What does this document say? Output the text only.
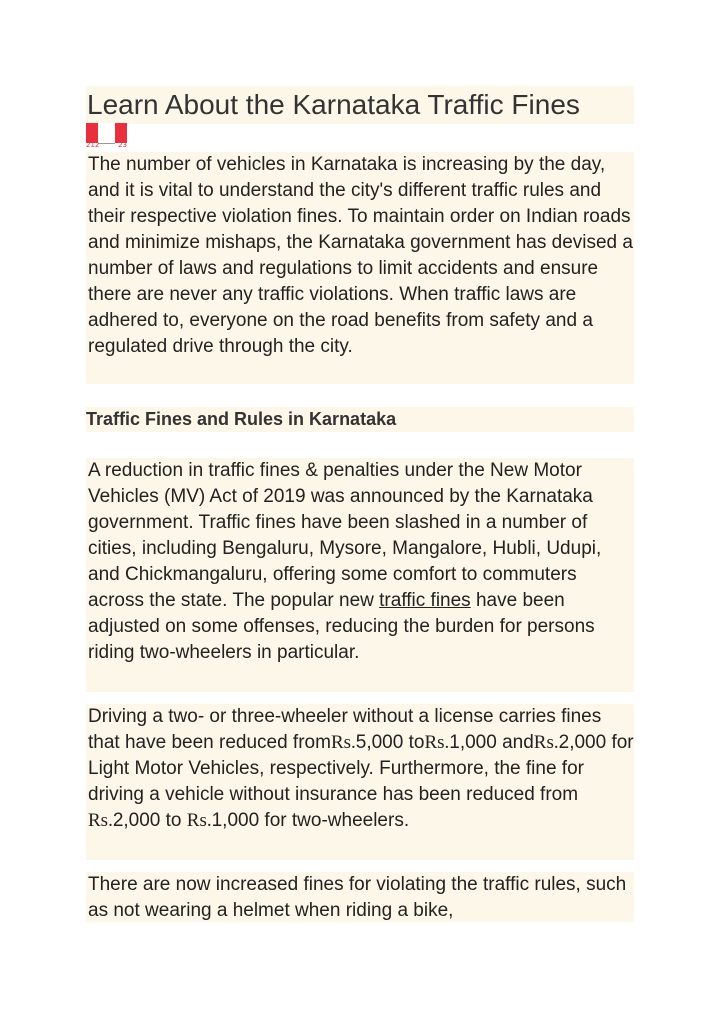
Learn About the Karnataka Traffic Fines
212	23
The number of vehicles in Karnataka is increasing by the day, and it is vital to understand the city's different traffic rules and their respective violation fines. To maintain order on Indian roads and minimize mishaps, the Karnataka government has devised a number of laws and regulations to limit accidents and ensure there are never any traffic violations. When traffic laws are adhered to, everyone on the road benefits from safety and a regulated drive through the city.
Traffic Fines and Rules in Karnataka
A reduction in traffic fines & penalties under the New Motor Vehicles (MV) Act of 2019 was announced by the Karnataka government. Traffic fines have been slashed in a number of cities, including Bengaluru, Mysore, Mangalore, Hubli, Udupi, and Chickmangaluru, offering some comfort to commuters across the state. The popular new traffic fines have been adjusted on some offenses, reducing the burden for persons riding two-wheelers in particular.
Driving a two- or three-wheeler without a license carries fines that have been reduced fromRs.5,000 toRs.1,000 andRs.2,000 for Light Motor Vehicles, respectively. Furthermore, the fine for driving a vehicle without insurance has been reduced from Rs.2,000 to Rs.1,000 for two-wheelers.
There are now increased fines for violating the traffic rules, such as not wearing a helmet when riding a bike,
